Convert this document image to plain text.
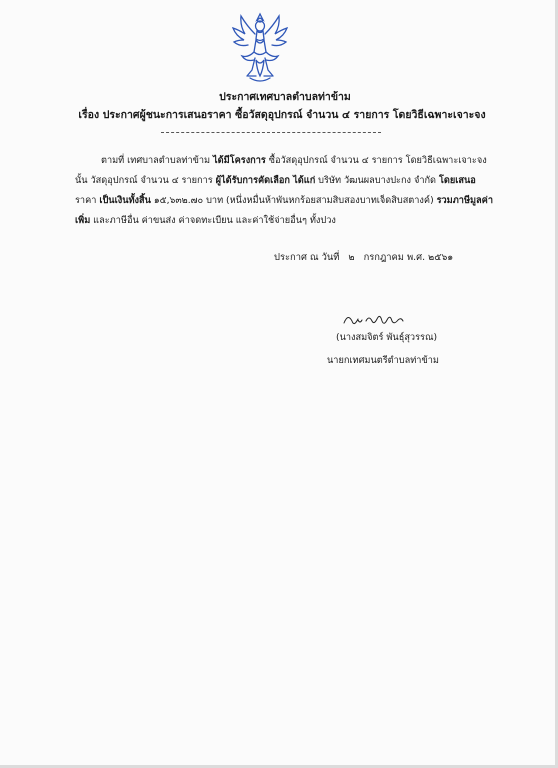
ประกาศเทศบาลตำบลท่าข้าม
เรื่อง ประกาศผู้ชนะการเสนอราคา ซื้อวัสดุอุปกรณ์ จำนวน ๔ รายการ โดยวิธีเฉพาะเจาะจง
ตามที่ เทศบาลตำบลท่าข้าม ได้มีโครงการ ซื้อวัสดุอุปกรณ์ จำนวน ๔ รายการ โดยวิธีเฉพาะเจาะจง นั้น วัสดุอุปกรณ์ จำนวน ๔ รายการ ผู้ได้รับการคัดเลือก ได้แก่ บริษัท วัฒนผลบางปะกง จำกัด โดยเสนอ ราคา เป็นเงินทั้งสิ้น ๑๕,๖๓๒.๗๐ บาท (หนึ่งหมื่นห้าพันหกร้อยสามสิบสองบาทเจ็ดสิบสตางค์) รวมภาษีมูลค่าเพิ่ม และภาษีอื่น ค่าขนส่ง ค่าจดทะเบียน และค่าใช้จ่ายอื่นๆ ทั้งปวง
ประกาศ ณ วันที่ ๒ กรกฎาคม พ.ศ. ๒๕๖๑
(นางสมจิตร์ พันธุ์สุวรรณ)
นายกเทศมนตรีตำบลท่าข้าม
